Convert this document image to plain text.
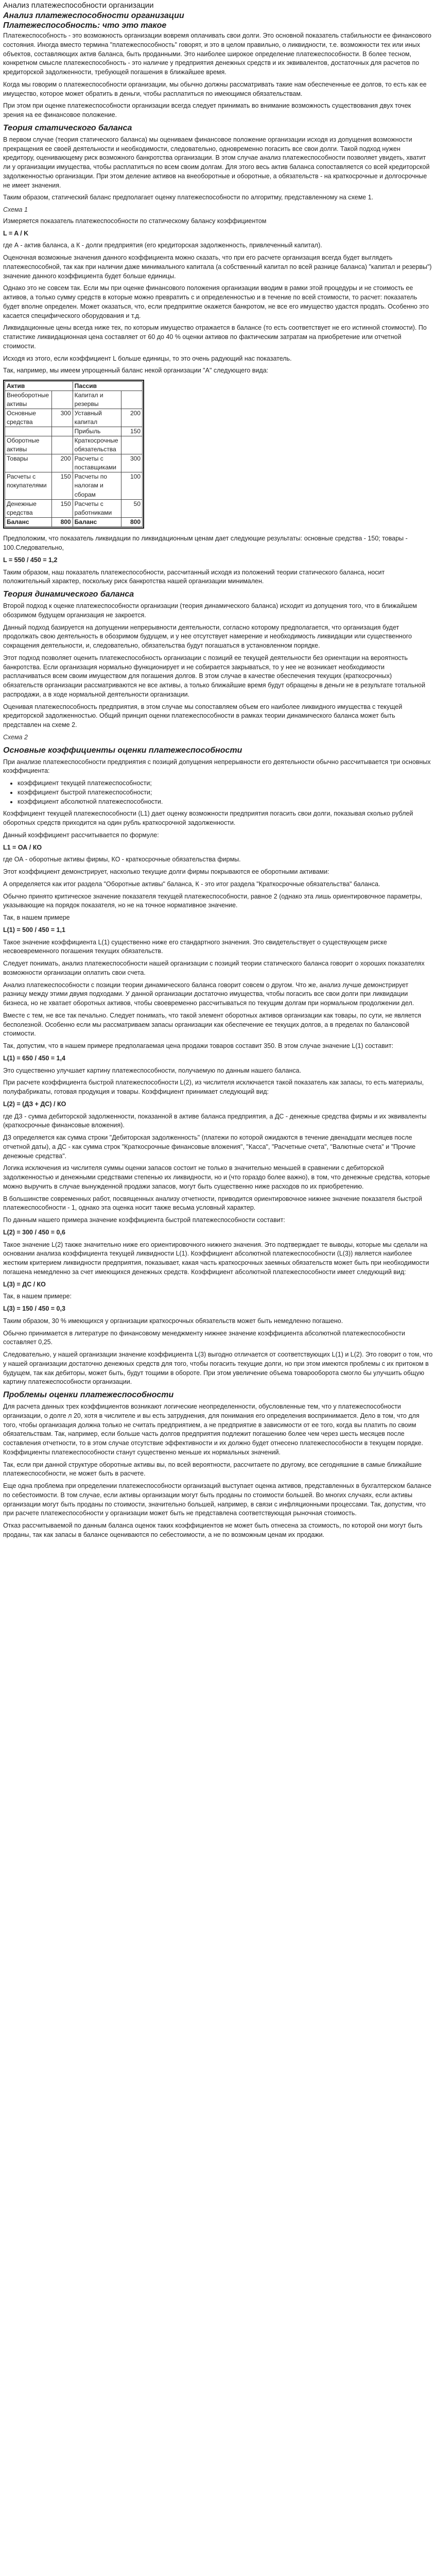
Анализ платежеспособности организации
Анализ платежеспособности организации
Платежеспособность: что это такое

Платежеспособность - это возможность организации вовремя оплачивать свои долги. Это основной показатель стабильности ее финансового состояния. Иногда вместо термина "платежеспособность" говорят, и это в целом правильно, о ликвидности, т.е. возможности тех или иных объектов, составляющих актив баланса, быть проданными. Это наиболее широкое определение платежеспособности. В более тесном, конкретном смысле платежеспособность - это наличие у предприятия денежных средств и их эквивалентов, достаточных для расчетов по кредиторской задолженности, требующей погашения в ближайшее время.

Когда мы говорим о платежеспособности организации, мы обычно должны рассматривать такие нам обеспеченные ее долгов, то есть как ее имущество, которое может обратить в деньги, чтобы расплатиться по имеющимся обязательствам.

При этом при оценке платежеспособности организации всегда следует принимать во внимание возможность существования двух точек зрения на ее финансовое положение.

Теория статического баланса

В первом случае (теория статического баланса) мы оцениваем финансовое положение организации исходя из допущения возможности прекращения ее своей деятельности и необходимости, следовательно, одновременно погасить все свои долги. Такой подход нужен кредитору, оценивающему риск возможного банкротства организации. В этом случае анализ платежеспособности позволяет увидеть, хватит ли у организации имущества, чтобы расплатиться по всем своим долгам. Для этого весь актив баланса сопоставляется со всей кредиторской задолженностью организации. При этом деление активов на внеоборотные и оборотные, а обязательств - на краткосрочные и долгосрочные не имеет значения.

Таким образом, статический баланс предполагает оценку платежеспособности по алгоритму, представленному на схеме 1.

Схема 1

Измеряется показатель платежеспособности по статическому балансу коэффициентом

L = A / K

где А - актив баланса, а К - долги предприятия (его кредиторская задолженность, привлеченный капитал).

Оценочная возможные значения данного коэффициента можно сказать, что при его расчете организация всегда будет выглядеть платежеспособной, так как при наличии даже минимального капитала (а собственный капитал по всей разнице баланса) "капитал и резервы") значение данного коэффициента будет больше единицы.

Однако это не совсем так. Если мы при оценке финансового положения организации вводим в рамки этой процедуры и не стоимость ее активов, а только сумму средств в которые можно превратить с и определенностью и в течение по всей стоимости, то расчет: показатель будет вполне определен. Может оказаться, что, если предприятие окажется банкротом, не все его имущество удастся продать. Особенно это касается специфического оборудования и т.д.

Ликвидационные цены всегда ниже тех, по которым имущество отражается в балансе (то есть соответствует не его истинной стоимости). По статистике ликвидационная цена составляет от 60 до 40 % оценки активов по фактическим затратам на приобретение или отчетной стоимости.

Исходя из этого, если коэффициент L больше единицы, то это очень радующий нас показатель.

Так, например, мы имеем упрощенный баланс некой организации "А" следующего вида:

Актив		Пассив	
Внеоборотные активы		Капитал и резервы	
Основные средства	300	Уставный капитал	200
		Прибыль	150
Оборотные активы		Краткосрочные обязательства	
Товары	200	Расчеты с поставщиками	300
Расчеты с покупателями	150	Расчеты по налогам и сборам	100
Денежные средства	150	Расчеты с работниками	50
Баланс	800	Баланс	800

Предположим, что показатель ликвидации по ликвидационным ценам дает следующие результаты: основные средства - 150; товары - 100.Следовательно,

L = 550 / 450 = 1,2

Таким образом, наш показатель платежеспособности, рассчитанный исходя из положений теории статического баланса, носит положительный характер, поскольку риск банкротства нашей организации минимален.

Теория динамического баланса

Второй подход к оценке платежеспособности организации (теория динамического баланса) исходит из допущения того, что в ближайшем обозримом будущем организация не закроется.

Данный подход базируется на допущении непрерывности деятельности, согласно которому предполагается, что организация будет продолжать свою деятельность в обозримом будущем, и у нее отсутствует намерение и необходимость ликвидации или существенного сокращения деятельности, и, следовательно, обязательства будут погашаться в установленном порядке.

Этот подход позволяет оценить платежеспособность организации с позиций ее текущей деятельности без ориентации на вероятность банкротства. Если организация нормально функционирует и не собирается закрываться, то у нее не возникает необходимости расплачиваться всем своим имуществом для погашения долгов. В этом случае в качестве обеспечения текущих (краткосрочных) обязательств организации рассматриваются не все активы, а только ближайшие время будут обращены в деньги не в результате тотальной распродажи, а в ходе нормальной деятельности организации.

Оценивая платежеспособность предприятия, в этом случае мы сопоставляем объем его наиболее ликвидного имущества с текущей кредиторской задолженностью. Общий принцип оценки платежеспособности в рамках теории динамического баланса может быть представлен на схеме 2.

Схема 2

Основные коэффициенты оценки платежеспособности

При анализе платежеспособности предприятия с позиций допущения непрерывности его деятельности обычно рассчитывается три основных коэффициента:

• коэффициент текущей платежеспособности;
• коэффициент быстрой платежеспособности;
• коэффициент абсолютной платежеспособности.

Коэффициент текущей платежеспособности (L1) дает оценку возможности предприятия погасить свои долги, показывая сколько рублей оборотных средств приходится на один рубль краткосрочной задолженности.

Данный коэффициент рассчитывается по формуле:

L1 = ОА / КО

где ОА - оборотные активы фирмы, КО - краткосрочные обязательства фирмы.

Этот коэффициент демонстрирует, насколько текущие долги фирмы покрываются ее оборотными активами:

А определяется как итог раздела "Оборотные активы" баланса, К - это итог раздела "Краткосрочные обязательства" баланса.

Обычно принято критическое значение показателя текущей платежеспособности, равное 2 (однако эта лишь ориентировочное параметры, указывающие на порядок показателя, но не на точное нормативное значение.

Так, в нашем примере

L(1) = 500 / 450 = 1,1

Такое значение коэффициента L(1) существенно ниже его стандартного значения. Это свидетельствует о существующем риске несвоевременного погашения текущих обязательств.

Следует понимать, анализ платежеспособности нашей организации с позиций теории статического баланса говорит о хороших показателях возможности организации оплатить свои счета.

Анализ платежеспособности с позиции теории динамического баланса говорит совсем о другом. Что же, анализ лучше демонстрирует разницу между этими двумя подходами. У данной организации достаточно имущества, чтобы погасить все свои долги при ликвидации бизнеса, но не хватает оборотных активов, чтобы своевременно рассчитываться по текущим долгам при нормальном продолжении дел.

Вместе с тем, не все так печально. Следует понимать, что такой элемент оборотных активов организации как товары, по сути, не является бесполезной. Особенно если мы рассматриваем запасы организации как обеспечение ее текущих долгов, а в пределах по балансовой стоимости.

Так, допустим, что в нашем примере предполагаемая цена продажи товаров составит 350. В этом случае значение L(1) составит:

L(1) = 650 / 450 = 1,4

Это существенно улучшает картину платежеспособности, получаемую по данным нашего баланса.

При расчете коэффициента быстрой платежеспособности L(2), из числителя исключается такой показатель как запасы, то есть материалы, полуфабрикаты, готовая продукция и товары. Коэффициент принимает следующий вид:

L(2) = (ДЗ + ДС) / КО

где ДЗ - сумма дебиторской задолженности, показанной в активе баланса предприятия, а ДС - денежные средства фирмы и их эквиваленты (краткосрочные финансовые вложения).

ДЗ определяется как сумма строки "Дебиторская задолженность" (платежи по которой ожидаются в течение двенадцати месяцев после отчетной даты), а ДС - как сумма строк "Краткосрочные финансовые вложения", "Касса", "Расчетные счета", "Валютные счета" и "Прочие денежные средства".

Логика исключения из числителя суммы оценки запасов состоит не только в значительно меньшей в сравнении с дебиторской задолженностью и денежными средствами степенью их ликвидности, но и (что гораздо более важно), в том, что денежные средства, которые можно выручить в случае вынужденной продажи запасов, могут быть существенно ниже расходов по их приобретению.

В большинстве современных работ, посвященных анализу отчетности, приводится ориентировочное нижнее значение показателя быстрой платежеспособности - 1, однако эта оценка носит также весьма условный характер.

По данным нашего примера значение коэффициента быстрой платежеспособности составит:

L(2) = 300 / 450 = 0,6

Такое значение L(2) также значительно ниже его ориентировочного нижнего значения. Это подтверждает те выводы, которые мы сделали на основании анализа коэффициента текущей ликвидности L(1). Коэффициент абсолютной платежеспособности (L(3)) является наиболее жестким критерием ликвидности предприятия, показывает, какая часть краткосрочных заемных обязательств может быть при необходимости погашена немедленно за счет имеющихся денежных средств. Коэффициент абсолютной платежеспособности имеет следующий вид:

L(3) = ДС / КО

Так, в нашем примере:

L(3) = 150 / 450 = 0,3

Таким образом, 30 % имеющихся у организации краткосрочных обязательств может быть немедленно погашено.

Обычно принимается в литературе по финансовому менеджменту нижнее значение коэффициента абсолютной платежеспособности составляет 0,25.

Следовательно, у нашей организации значение коэффициента L(3) выгодно отличается от соответствующих L(1) и L(2). Это говорит о том, что у нашей организации достаточно денежных средств для того, чтобы погасить текущие долги, но при этом имеются проблемы с их притоком в будущем, так как дебиторы, может быть, будут тощими в обороте. При этом увеличение объема товарооборота смогло бы улучшить общую картину платежеспособности организации.

Проблемы оценки платежеспособности

Для расчета данных трех коэффициентов возникают логические неопределенности, обусловленные тем, что у платежеспособности организации, о долге л 20, хотя в числителе и вы есть затруднения, для понимания его определения воспринимается. Дело в том, что для того, чтобы организация должна только не считать предприятием, а не предприятие в зависимости от ее того, когда вы платить по своим обязательствам. Так, например, если больше часть долгов предприятия подлежит погашению более чем через шесть месяцев после составления отчетности, то в этом случае отсутствие эффективности и их должно будет отнесено платежеспособности в текущем порядке. Коэффициенты платежеспособности станут существенно меньше их нормальных значений.

Так, если при данной структуре оборотные активы вы, по всей вероятности, рассчитаете по другому, все сегодняшние в самые ближайшие платежеспособности, не может быть в расчете.

Еще одна проблема при определении платежеспособности организаций выступает оценка активов, представленных в бухгалтерском балансе по себестоимости. В том случае, если активы организации могут быть проданы по стоимости большей. Во многих случаях, если активы организации могут быть проданы по стоимости, значительно большей, например, в связи с инфляционными процессами. Так, допустим, что при расчете платежеспособности у организации может быть не представлена соответствующая рыночная стоимость.

Отказ рассчитываемой по данным баланса оценок таких коэффициентов не может быть отнесена за стоимость, по которой они могут быть проданы, так как запасы в балансе оцениваются по себестоимости, а не по возможным ценам их продажи.
